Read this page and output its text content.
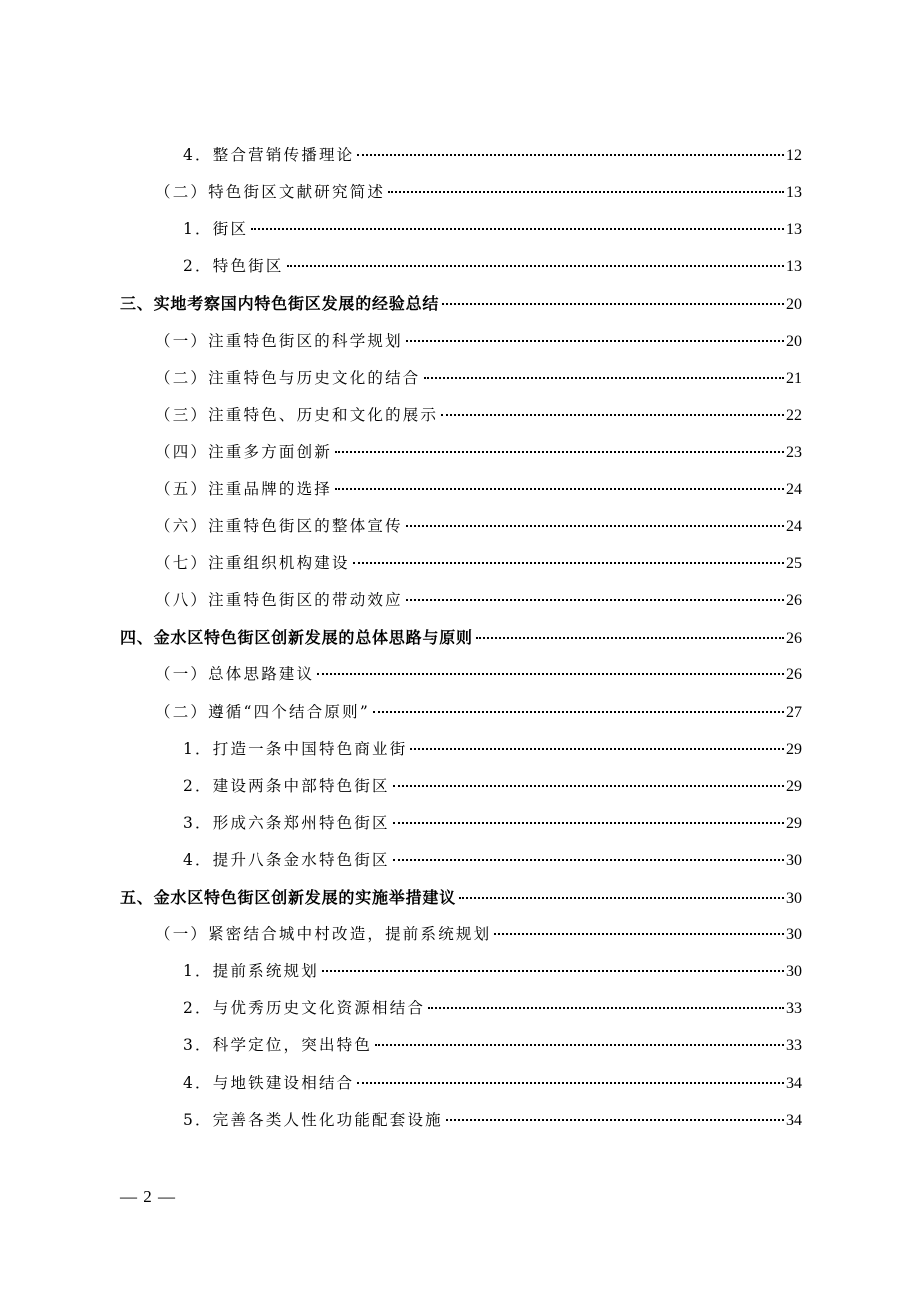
4．整合营销传播理论	12
（二）特色街区文献研究简述	13
1．街区	13
2．特色街区	13
三、实地考察国内特色街区发展的经验总结	20
（一）注重特色街区的科学规划	20
（二）注重特色与历史文化的结合	21
（三）注重特色、历史和文化的展示	22
（四）注重多方面创新	23
（五）注重品牌的选择	24
（六）注重特色街区的整体宣传	24
（七）注重组织机构建设	25
（八）注重特色街区的带动效应	26
四、金水区特色街区创新发展的总体思路与原则	26
（一）总体思路建议	26
（二）遵循“四个结合原则”	27
1．打造一条中国特色商业街	29
2．建设两条中部特色街区	29
3．形成六条郑州特色街区	29
4．提升八条金水特色街区	30
五、金水区特色街区创新发展的实施举措建议	30
（一）紧密结合城中村改造，提前系统规划	30
1．提前系统规划	30
2．与优秀历史文化资源相结合	33
3．科学定位，突出特色	33
4．与地铁建设相结合	34
5．完善各类人性化功能配套设施	34
— 2 —
